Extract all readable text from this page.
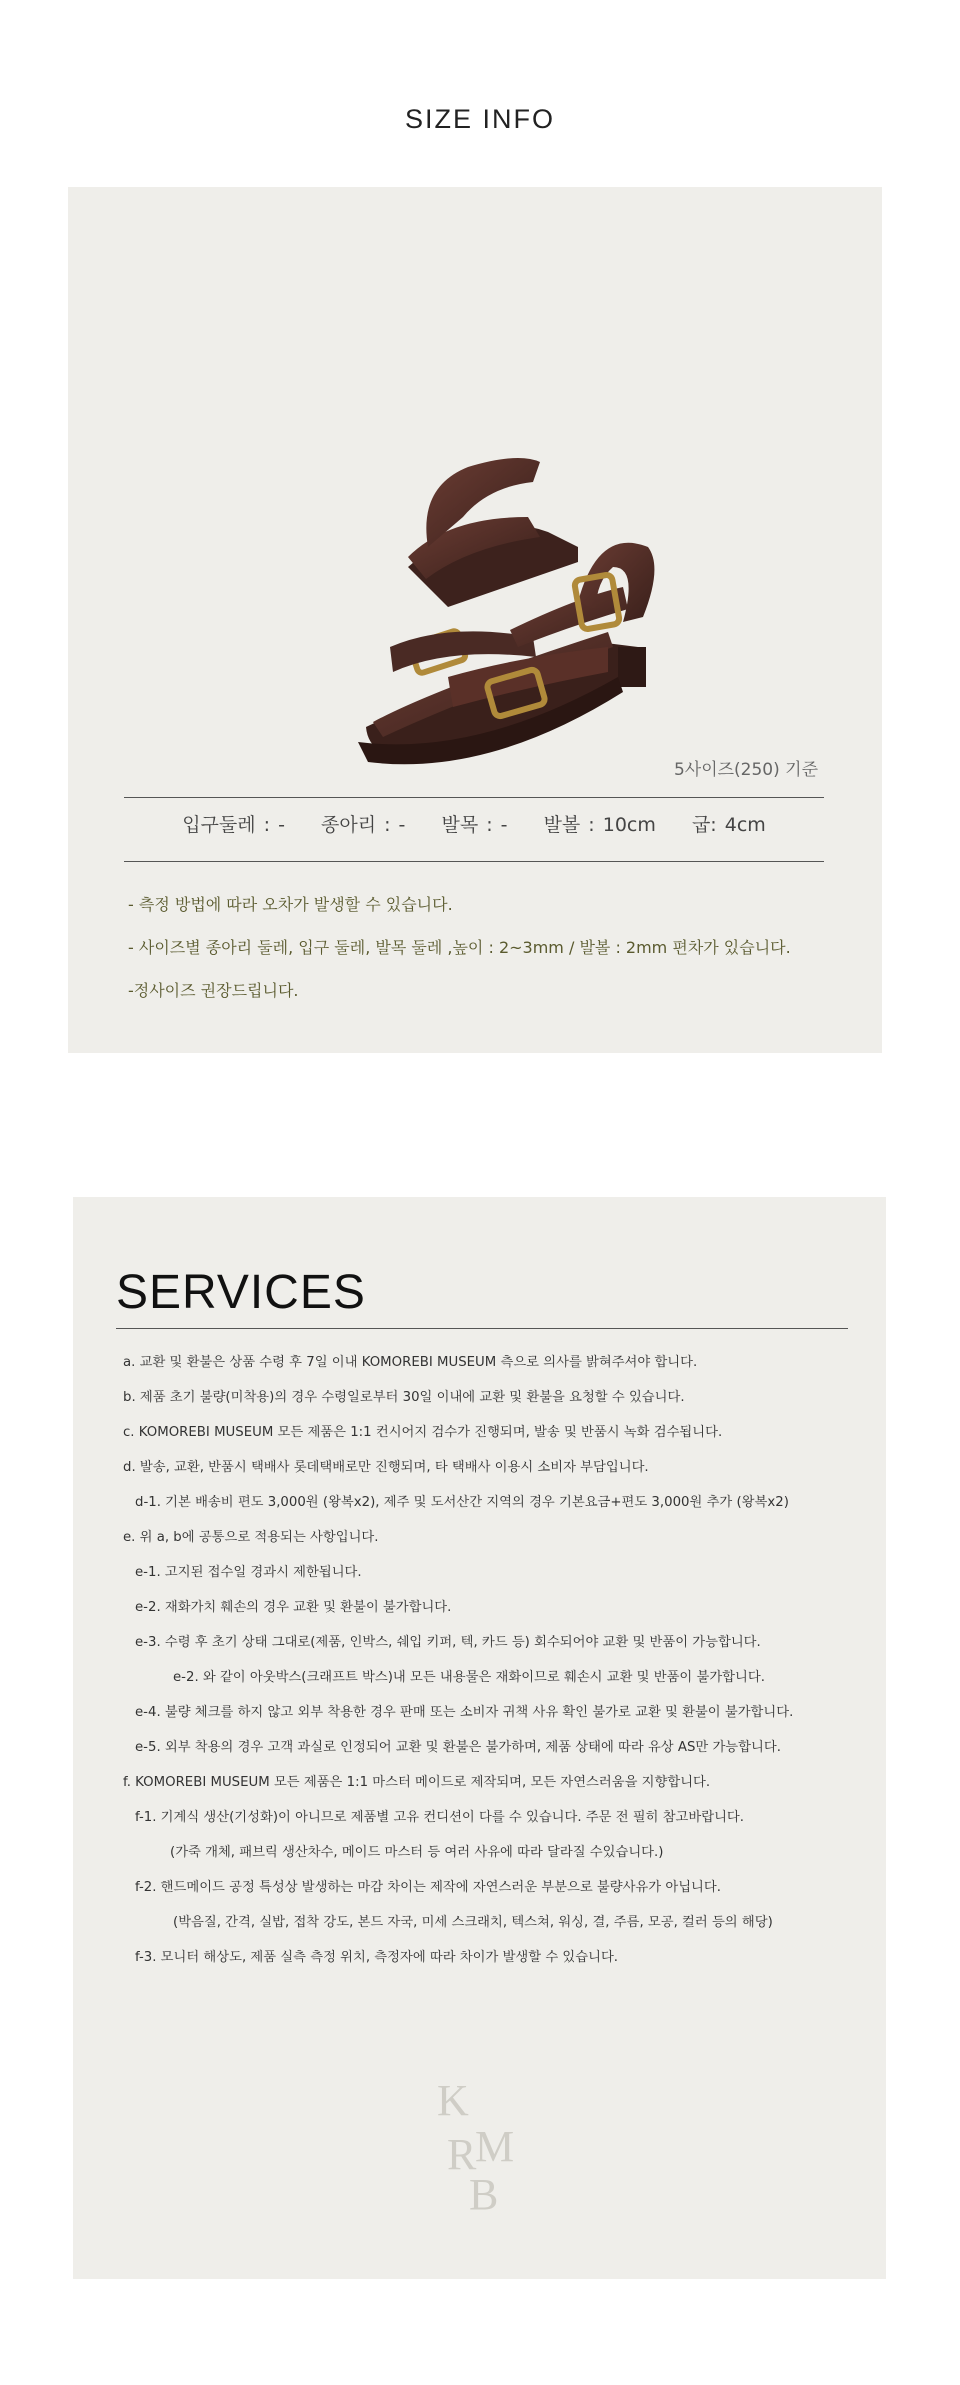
SIZE INFO
5사이즈(250) 기준
입구둘레 : - 종아리 : - 발목 : - 발볼 : 10cm 굽: 4cm
- 측정 방법에 따라 오차가 발생할 수 있습니다.
- 사이즈별 종아리 둘레, 입구 둘레, 발목 둘레 ,높이 : 2~3mm / 발볼 : 2mm 편차가 있습니다.
-정사이즈 권장드립니다.
SERVICES
a. 교환 및 환불은 상품 수령 후 7일 이내 KOMOREBI MUSEUM 측으로 의사를 밝혀주셔야 합니다.
b. 제품 초기 불량(미착용)의 경우 수령일로부터 30일 이내에 교환 및 환불을 요청할 수 있습니다.
c. KOMOREBI MUSEUM 모든 제품은 1:1 컨시어지 검수가 진행되며, 발송 및 반품시 녹화 검수됩니다.
d. 발송, 교환, 반품시 택배사 롯데택배로만 진행되며, 타 택배사 이용시 소비자 부담입니다.
d-1. 기본 배송비 편도 3,000원 (왕복x2), 제주 및 도서산간 지역의 경우 기본요금+편도 3,000원 추가 (왕복x2)
e. 위 a, b에 공통으로 적용되는 사항입니다.
e-1. 고지된 접수일 경과시 제한됩니다.
e-2. 재화가치 훼손의 경우 교환 및 환불이 불가합니다.
e-3. 수령 후 초기 상태 그대로(제품, 인박스, 쉐입 키퍼, 텍, 카드 등) 회수되어야 교환 및 반품이 가능합니다.
e-2. 와 같이 아웃박스(크래프트 박스)내 모든 내용물은 재화이므로 훼손시 교환 및 반품이 불가합니다.
e-4. 불량 체크를 하지 않고 외부 착용한 경우 판매 또는 소비자 귀책 사유 확인 불가로 교환 및 환불이 불가합니다.
e-5. 외부 착용의 경우 고객 과실로 인정되어 교환 및 환불은 불가하며, 제품 상태에 따라 유상 AS만 가능합니다.
f. KOMOREBI MUSEUM 모든 제품은 1:1 마스터 메이드로 제작되며, 모든 자연스러움을 지향합니다.
f-1. 기계식 생산(기성화)이 아니므로 제품별 고유 컨디션이 다를 수 있습니다. 주문 전 필히 참고바랍니다.
(가죽 개체, 패브릭 생산차수, 메이드 마스터 등 여러 사유에 따라 달라질 수있습니다.)
f-2. 핸드메이드 공정 특성상 발생하는 마감 차이는 제작에 자연스러운 부분으로 불량사유가 아닙니다.
(박음질, 간격, 실밥, 접착 강도, 본드 자국, 미세 스크래치, 텍스쳐, 워싱, 결, 주름, 모공, 컬러 등의 해당)
f-3. 모니터 해상도, 제품 실측 측정 위치, 측정자에 따라 차이가 발생할 수 있습니다.
K
M
R
B
